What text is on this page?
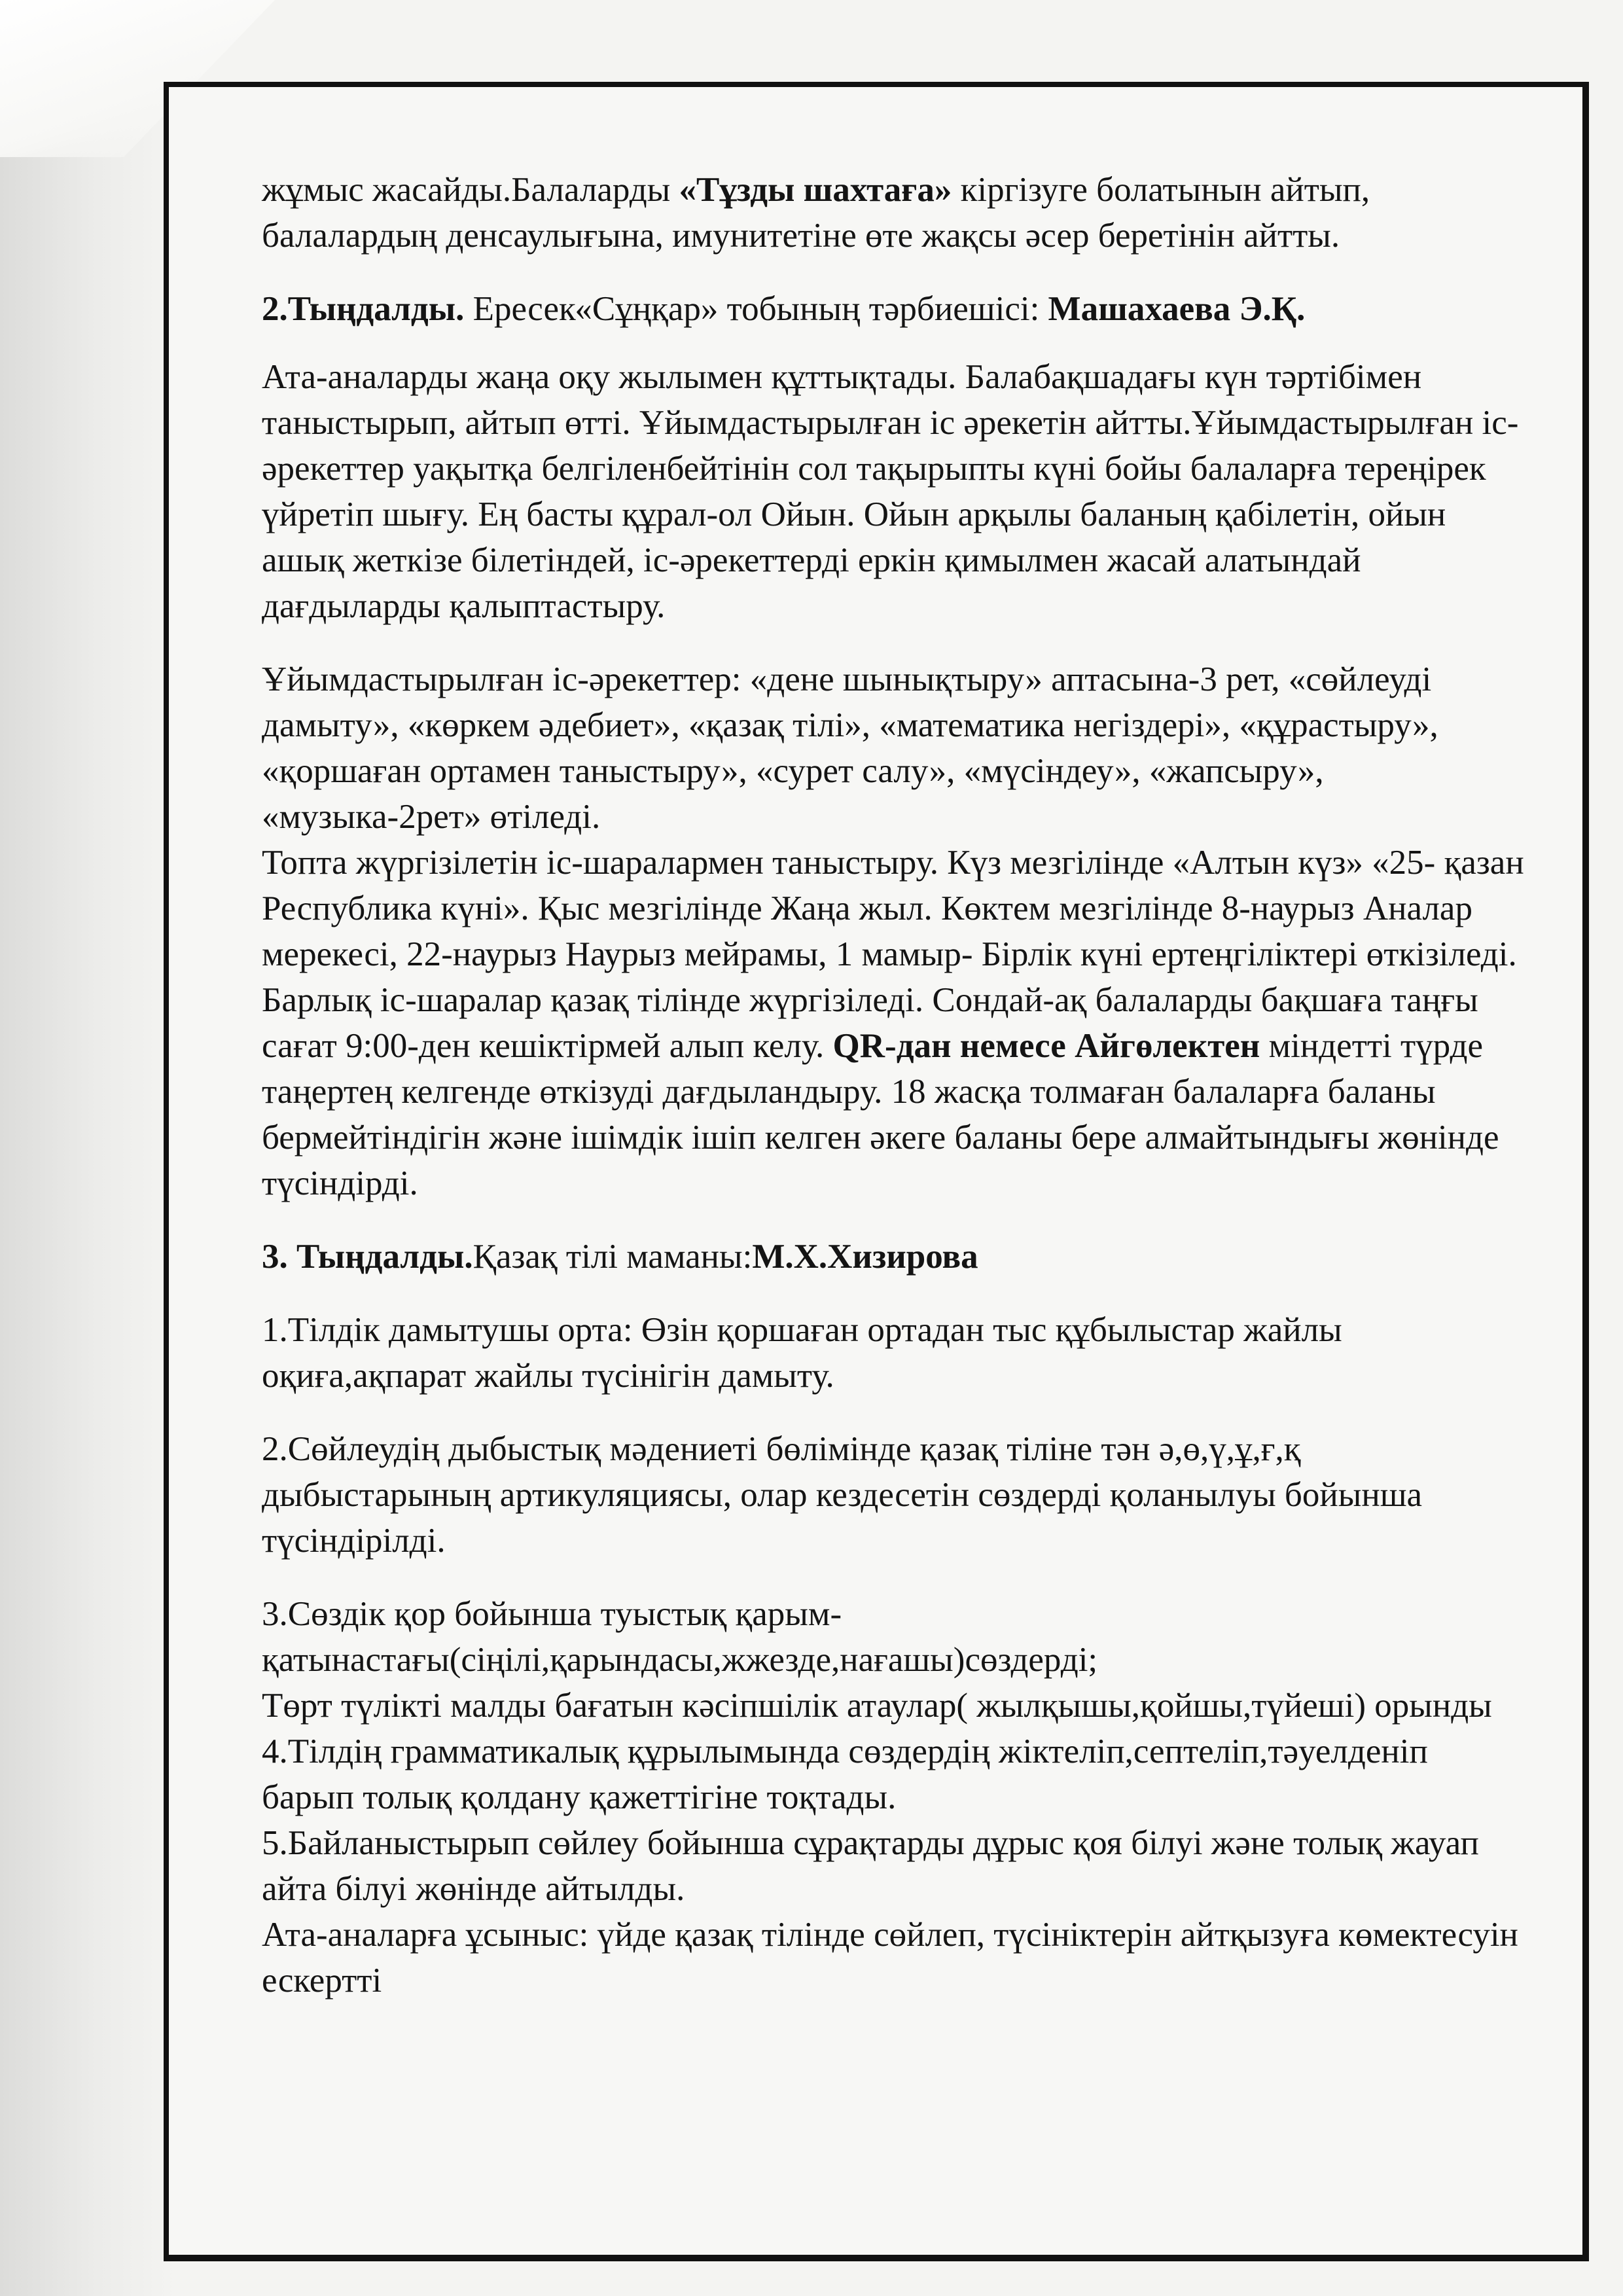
жұмыс жасайды.Балаларды «Тұзды шахтаға» кіргізуге болатынын айтып, балалардың денсаулығына, имунитетіне өте жақсы әсер беретінін айтты.

2.Тыңдалды. Ересек«Сұңқар» тобының тәрбиешісі: Машахаева Э.Қ.

Ата-аналарды жаңа оқу жылымен құттықтады. Балабақшадағы күн тәртібімен таныстырып, айтып өтті. Ұйымдастырылған іс әрекетін айтты.Ұйымдастырылған іс- әрекеттер уақытқа белгіленбейтінін сол тақырыпты күні бойы балаларға тереңірек үйретіп шығу. Ең басты құрал-ол Ойын. Ойын арқылы баланың қабілетін, ойын ашық жеткізе білетіндей, іс-әрекеттерді еркін қимылмен жасай алатындай дағдыларды қалыптастыру.

Ұйымдастырылған іс-әрекеттер: «дене шынықтыру» аптасына-3 рет, «сөйлеуді дамыту», «көркем әдебиет», «қазақ тілі», «математика негіздері», «құрастыру», «қоршаған ортамен таныстыру», «сурет салу», «мүсіндеу», «жапсыру», «музыка-2рет» өтіледі.

Топта жүргізілетін іс-шаралармен таныстыру. Күз мезгілінде «Алтын күз» «25- қазан Республика күні». Қыс мезгілінде Жаңа жыл. Көктем мезгілінде 8-наурыз Аналар мерекесі, 22-наурыз Наурыз мейрамы, 1 мамыр- Бірлік күні ертеңгіліктері өткізіледі. Барлық іс-шаралар қазақ тілінде жүргізіледі. Сондай-ақ балаларды бақшаға таңғы сағат 9:00-ден кешіктірмей алып келу. QR-дан немесе Айгөлектен міндетті түрде таңертең келгенде өткізуді дағдыландыру. 18 жасқа толмаған балаларға баланы бермейтіндігін және ішімдік ішіп келген әкеге баланы бере алмайтындығы жөнінде түсіндірді.

3. Тыңдалды.Қазақ тілі маманы:М.Х.Хизирова

1.Тілдік дамытушы орта: Өзін қоршаған ортадан тыс құбылыстар жайлы оқиға,ақпарат жайлы түсінігін дамыту.

2.Сөйлеудің дыбыстық мәдениеті бөлімінде қазақ тіліне тән ә,ө,ү,ұ,ғ,қ дыбыстарының артикуляциясы, олар кездесетін сөздерді қоланылуы бойынша түсіндірілді.

3.Сөздік қор бойынша туыстық қарым-қатынастағы(сіңілі,қарындасы,жжезде,нағашы)сөздерді;

Төрт түлікті малды бағатын кәсіпшілік атаулар( жылқышы,қойшы,түйеші) орынды

4.Тілдің грамматикалық құрылымында сөздердің жіктеліп,септеліп,тәуелденіп барып толық қолдану қажеттігіне тоқтады.

5.Байланыстырып сөйлеу бойынша сұрақтарды дұрыс қоя білуі және толық жауап айта білуі жөнінде айтылды.

Ата-аналарға ұсыныс: үйде қазақ тілінде сөйлеп, түсініктерін айтқызуға көмектесуін ескертті
